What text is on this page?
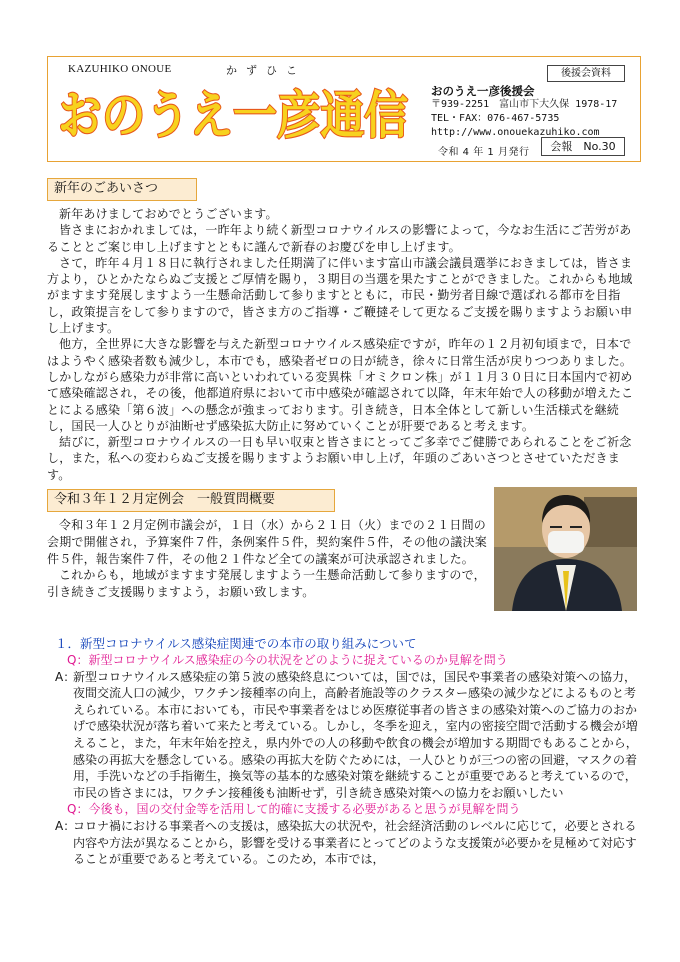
KAZUHIKO ONOUE	かずひこ
おのうえ一彦通信
後援会資料
おのうえ一彦後援会
〒939-2251　富山市下大久保 1978-17
TEL・FAX：076-467-5735
http://www.onouekazuhiko.com
令和 4 年 1 月発行	会報　No.30
新年のごあいさつ

新年あけましておめでとうございます。

皆さまにおかれましては，一昨年より続く新型コロナウイルスの影響によって，今なお生活にご苦労があることとご案じ申し上げますとともに謹んで新春のお慶びを申し上げます。

さて，昨年４月１８日に執行されました任期満了に伴います富山市議会議員選挙におきましては，皆さま方より，ひとかたならぬご支援とご厚情を賜り，３期目の当選を果たすことができました。これからも地域がますます発展しますよう一生懸命活動して参りますとともに，市民・勤労者目線で選ばれる都市を目指し，政策提言をして参りますので，皆さま方のご指導・ご鞭撻そして更なるご支援を賜りますようお願い申し上げます。

他方，全世界に大きな影響を与えた新型コロナウイルス感染症ですが，昨年の１２月初旬頃まで，日本ではようやく感染者数も減少し，本市でも，感染者ゼロの日が続き，徐々に日常生活が戻りつつありました。しかしながら感染力が非常に高いといわれている変異株「オミクロン株」が１１月３０日に日本国内で初めて感染確認され，その後，他都道府県において市中感染が確認されて以降，年末年始で人の移動が増えたことによる感染「第６波」への懸念が強まっております。引き続き，日本全体として新しい生活様式を継続し，国民一人ひとりが油断せず感染拡大防止に努めていくことが肝要であると考えます。

結びに，新型コロナウイルスの一日も早い収束と皆さまにとってご多幸でご健勝であられることをご祈念し，また，私への変わらぬご支援を賜りますようお願い申し上げ，年頭のごあいさつとさせていただきます。

令和３年１２月定例会　一般質問概要

令和３年１２月定例市議会が，１日（水）から２１日（火）までの２１日間の会期で開催され，予算案件７件，条例案件５件，契約案件５件，その他の議決案件５件，報告案件７件，その他２１件など全ての議案が可決承認されました。

これからも，地域がますます発展しますよう一生懸命活動して参りますので，引き続きご支援賜りますよう，お願い致します。

１．新型コロナウイルス感染症関連での本市の取り組みについて
Q：新型コロナウイルス感染症の今の状況をどのように捉えているのか見解を問う
A：
新型コロナウイルス感染症の第５波の感染終息については，国では，国民や事業者の感染対策への協力，夜間交流人口の減少，ワクチン接種率の向上，高齢者施設等のクラスター感染の減少などによるものと考えられている。本市においても，市民や事業者をはじめ医療従事者の皆さまの感染対策へのご協力のおかげで感染状況が落ち着いて来たと考えている。しかし，冬季を迎え，室内の密接空間で活動する機会が増えること，また，年末年始を控え，県内外での人の移動や飲食の機会が増加する期間でもあることから，感染の再拡大を懸念している。感染の再拡大を防ぐためには，一人ひとりが三つの密の回避，マスクの着用，手洗いなどの手指衛生，換気等の基本的な感染対策を継続することが重要であると考えているので，市民の皆さまには，ワクチン接種後も油断せず，引き続き感染対策への協力をお願いしたい
Q：今後も，国の交付金等を活用して的確に支援する必要があると思うが見解を問う
A：
コロナ禍における事業者への支援は，感染拡大の状況や，社会経済活動のレベルに応じて，必要とされる内容や方法が異なることから，影響を受ける事業者にとってどのような支援策が必要かを見極めて対応することが重要であると考えている。このため，本市では，
